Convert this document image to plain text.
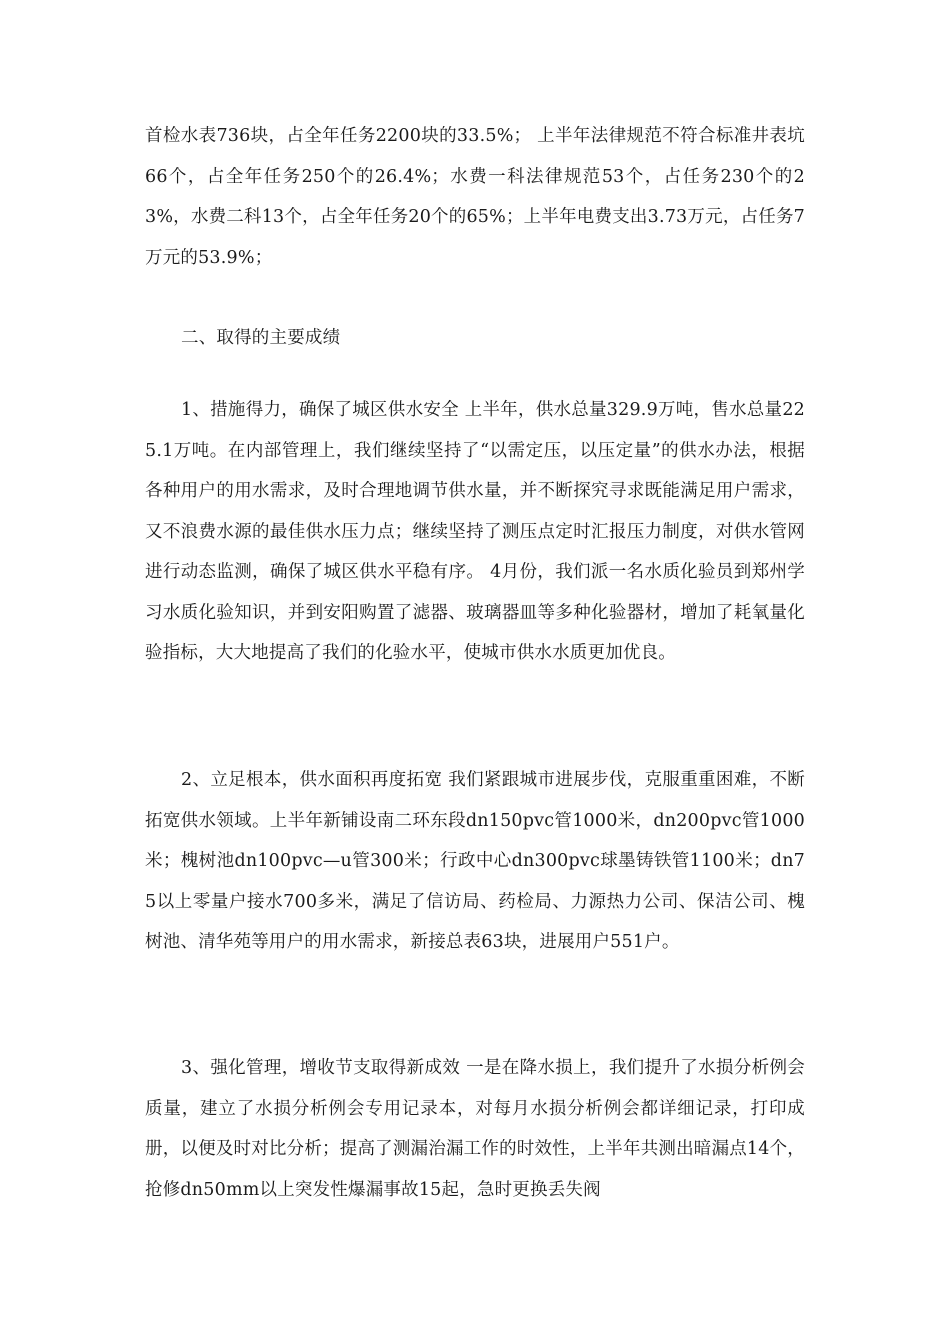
首检水表736块，占全年任务2200块的33.5%； 上半年法律规范不符合标准井表坑66个，占全年任务250个的26.4%；水费一科法律规范53个，占任务230个的23%，水费二科13个，占全年任务20个的65%；上半年电费支出3.73万元，占任务7万元的53.9%；

二、取得的主要成绩

1、措施得力，确保了城区供水安全 上半年，供水总量329.9万吨，售水总量225.1万吨。在内部管理上，我们继续坚持了“以需定压，以压定量”的供水办法，根据各种用户的用水需求，及时合理地调节供水量，并不断探究寻求既能满足用户需求，又不浪费水源的最佳供水压力点；继续坚持了测压点定时汇报压力制度，对供水管网进行动态监测，确保了城区供水平稳有序。 4月份，我们派一名水质化验员到郑州学习水质化验知识，并到安阳购置了滤器、玻璃器皿等多种化验器材，增加了耗氧量化验指标，大大地提高了我们的化验水平，使城市供水水质更加优良。

2、立足根本，供水面积再度拓宽 我们紧跟城市进展步伐，克服重重困难，不断拓宽供水领域。上半年新铺设南二环东段dn150pvc管1000米，dn200pvc管1000米；槐树池dn100pvc—u管300米；行政中心dn300pvc球墨铸铁管1100米；dn75以上零量户接水700多米，满足了信访局、药检局、力源热力公司、保洁公司、槐树池、清华苑等用户的用水需求，新接总表63块，进展用户551户。

3、强化管理，增收节支取得新成效 一是在降水损上，我们提升了水损分析例会质量，建立了水损分析例会专用记录本，对每月水损分析例会都详细记录，打印成册，以便及时对比分析；提高了测漏治漏工作的时效性，上半年共测出暗漏点14个，抢修dn50mm以上突发性爆漏事故15起，急时更换丢失阀
